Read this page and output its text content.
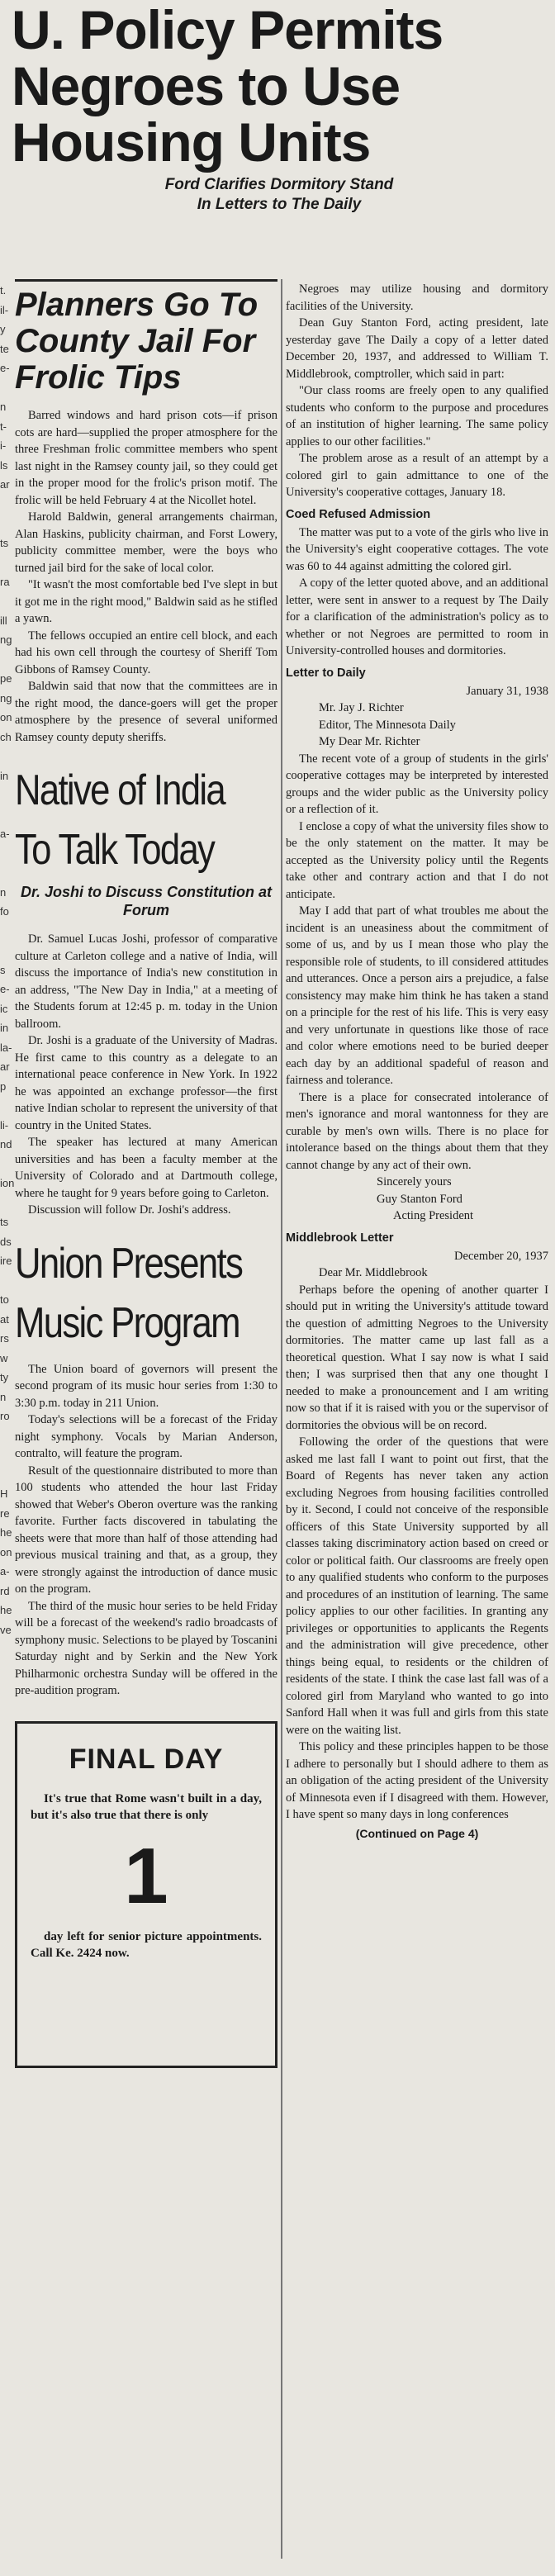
U. Policy Permits
Negroes to Use
Housing Units
Ford Clarifies Dormitory Stand
In Letters to The Daily
t.
il-
y
te
e-

n
t-
i-
ls
ar

ts

ra

ill
ng

pe
ng
on
ch

in

a-

n
fo

s
e-
ic
in
la-
ar
p

li-
nd

ion

ts
ds
ire

to
at
rs
w
ty
n
ro

H
re
he
on
a-
rd
he
ve

Planners Go To County Jail For Frolic Tips

Barred windows and hard prison cots—if prison cots are hard—supplied the proper atmosphere for the three Freshman frolic committee members who spent last night in the Ramsey county jail, so they could get in the proper mood for the frolic's prison motif. The frolic will be held February 4 at the Nicollet hotel.

Harold Baldwin, general arrangements chairman, Alan Haskins, publicity chairman, and Forst Lowery, publicity committee member, were the boys who turned jail bird for the sake of local color.

"It wasn't the most comfortable bed I've slept in but it got me in the right mood," Baldwin said as he stifled a yawn.

The fellows occupied an entire cell block, and each had his own cell through the courtesy of Sheriff Tom Gibbons of Ramsey County.

Baldwin said that now that the committees are in the right mood, the dance-goers will get the proper atmosphere by the presence of several uniformed Ramsey county deputy sheriffs.

Native of India
To Talk Today
Dr. Joshi to Discuss Constitution at Forum

Dr. Samuel Lucas Joshi, professor of comparative culture at Carleton college and a native of India, will discuss the importance of India's new constitution in an address, "The New Day in India," at a meeting of the Students forum at 12:45 p. m. today in the Union ballroom.

Dr. Joshi is a graduate of the University of Madras. He first came to this country as a delegate to an international peace conference in New York. In 1922 he was appointed an exchange professor—the first native Indian scholar to represent the university of that country in the United States.

The speaker has lectured at many American universities and has been a faculty member at the University of Colorado and at Dartmouth college, where he taught for 9 years before going to Carleton.

Discussion will follow Dr. Joshi's address.

Union Presents
Music Program

The Union board of governors will present the second program of its music hour series from 1:30 to 3:30 p.m. today in 211 Union.

Today's selections will be a forecast of the Friday night symphony. Vocals by Marian Anderson, contralto, will feature the program.

Result of the questionnaire distributed to more than 100 students who attended the hour last Friday showed that Weber's Oberon overture was the ranking favorite. Further facts discovered in tabulating the sheets were that more than half of those attending had previous musical training and that, as a group, they were strongly against the introduction of dance music on the program.

The third of the music hour series to be held Friday will be a forecast of the weekend's radio broadcasts of symphony music. Selections to be played by Toscanini Saturday night and by Serkin and the New York Philharmonic orchestra Sunday will be offered in the pre-audition program.

FINAL DAY

It's true that Rome wasn't built in a day, but it's also true that there is only

1

day left for senior picture appointments. Call Ke. 2424 now.

Negroes may utilize housing and dormitory facilities of the University.

Dean Guy Stanton Ford, acting president, late yesterday gave The Daily a copy of a letter dated December 20, 1937, and addressed to William T. Middlebrook, comptroller, which said in part:

"Our class rooms are freely open to any qualified students who conform to the purpose and procedures of an institution of higher learning. The same policy applies to our other facilities."

The problem arose as a result of an attempt by a colored girl to gain admittance to one of the University's cooperative cottages, January 18.

Coed Refused Admission

The matter was put to a vote of the girls who live in the University's eight cooperative cottages. The vote was 60 to 44 against admitting the colored girl.

A copy of the letter quoted above, and an additional letter, were sent in answer to a request by The Daily for a clarification of the administration's policy as to whether or not Negroes are permitted to room in University-controlled houses and dormitories.

Letter to Daily

January 31, 1938

Mr. Jay J. Richter

Editor, The Minnesota Daily

My Dear Mr. Richter

The recent vote of a group of students in the girls' cooperative cottages may be interpreted by interested groups and the wider public as the University policy or a reflection of it.

I enclose a copy of what the university files show to be the only statement on the matter. It may be accepted as the University policy until the Regents take other and contrary action and that I do not anticipate.

May I add that part of what troubles me about the incident is an uneasiness about the commitment of some of us, and by us I mean those who play the responsible role of students, to ill considered attitudes and utterances. Once a person airs a prejudice, a false consistency may make him think he has taken a stand on a principle for the rest of his life. This is very easy and very unfortunate in questions like those of race and color where emotions need to be buried deeper each day by an additional spadeful of reason and fairness and tolerance.

There is a place for consecrated intolerance of men's ignorance and moral wantonness for they are curable by men's own wills. There is no place for intolerance based on the things about them that they cannot change by any act of their own.

Sincerely yours

Guy Stanton Ford

Acting President

Middlebrook Letter

December 20, 1937

Dear Mr. Middlebrook

Perhaps before the opening of another quarter I should put in writing the University's attitude toward the question of admitting Negroes to the University dormitories. The matter came up last fall as a theoretical question. What I say now is what I said then; I was surprised then that any one thought I needed to make a pronouncement and I am writing now so that if it is raised with you or the supervisor of dormitories the obvious will be on record.

Following the order of the questions that were asked me last fall I want to point out first, that the Board of Regents has never taken any action excluding Negroes from housing facilities controlled by it. Second, I could not conceive of the responsible officers of this State University supported by all classes taking discriminatory action based on creed or color or political faith. Our classrooms are freely open to any qualified students who conform to the purposes and procedures of an institution of learning. The same policy applies to our other facilities. In granting any privileges or opportunities to applicants the Regents and the administration will give precedence, other things being equal, to residents or the children of residents of the state. I think the case last fall was of a colored girl from Maryland who wanted to go into Sanford Hall when it was full and girls from this state were on the waiting list.

This policy and these principles happen to be those I adhere to personally but I should adhere to them as an obligation of the acting president of the University of Minnesota even if I disagreed with them. However, I have spent so many days in long conferences

(Continued on Page 4)
